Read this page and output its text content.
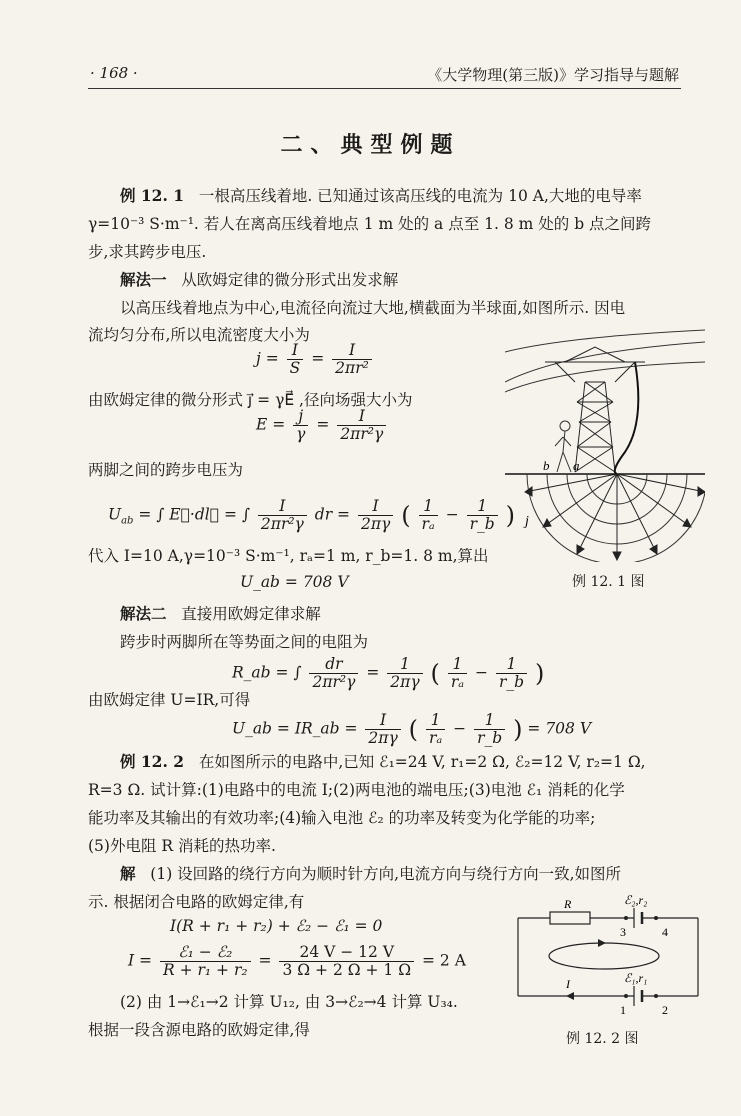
· 168 ·	《大学物理(第三版)》学习指导与题解
二、典型例题
例 12. 1 一根高压线着地. 已知通过该高压线的电流为 10 A,大地的电导率
γ=10⁻³ S·m⁻¹. 若人在离高压线着地点 1 m 处的 a 点至 1. 8 m 处的 b 点之间跨
步,求其跨步电压.
解法一 从欧姆定律的微分形式出发求解
以高压线着地点为中心,电流径向流过大地,横截面为半球面,如图所示. 因电
流均匀分布,所以电流密度大小为
$j = \frac{I}{S} = \frac{I}{\text{2πr²}}$
由欧姆定律的微分形式 j⃗ = γE⃗ ,径向场强大小为
$E = \frac{j}{\gamma} = \frac{I}{\text{2πr²γ}}$
两脚之间的跨步电压为
$U_{ab}$ = ∫ E⃗·dl⃗ = ∫ $\frac{I}{\text{2πr²γ}}$ dr = $\frac{I}{2\pi\gamma}$ ( $\frac{1}{\text{rₐ}} - \frac{1}{r\_b}$ )
代入 I=10 A,γ=10⁻³ S·m⁻¹, rₐ=1 m, r_b=1. 8 m,算出
U_ab = 708 V
解法二 直接用欧姆定律求解
跨步时两脚所在等势面之间的电阻为
R_ab = ∫ $\frac{dr}{\text{2πr²γ}} = \frac{1}{2\pi\gamma}$ ( $\frac{1}{\text{rₐ}} - \frac{1}{r\_b}$ )
由欧姆定律 U=IR,可得
U_ab = IR_ab = $\frac{I}{2\pi\gamma}$ ( $\frac{1}{\text{rₐ}} - \frac{1}{r\_b}$ ) = 708 V
b a
j⃗
例 12. 1 图
例 12. 2 在如图所示的电路中,已知 ℰ₁=24 V, r₁=2 Ω, ℰ₂=12 V, r₂=1 Ω,
R=3 Ω. 试计算:(1)电路中的电流 I;(2)两电池的端电压;(3)电池 ℰ₁ 消耗的化学
能功率及其输出的有效功率;(4)输入电池 ℰ₂ 的功率及转变为化学能的功率;
(5)外电阻 R 消耗的热功率.
解 (1) 设回路的绕行方向为顺时针方向,电流方向与绕行方向一致,如图所
示. 根据闭合电路的欧姆定律,有
I(R + r₁ + r₂) + ℰ₂ − ℰ₁ = 0
$I = \frac{\text{ℰ₁ − ℰ₂}}{\text{R + r₁ + r₂}} = \frac{24 V - 12 V}{3 \Omega + 2 \Omega + 1 \Omega} = 2$ A
(2) 由 1→ℰ₁→2 计算 U₁₂, 由 3→ℰ₂→4 计算 U₃₄.
根据一段含源电路的欧姆定律,得
R	ℰ₂,r₂
3	4
ℰ₁,r₁
1	2
I
例 12. 2 图
